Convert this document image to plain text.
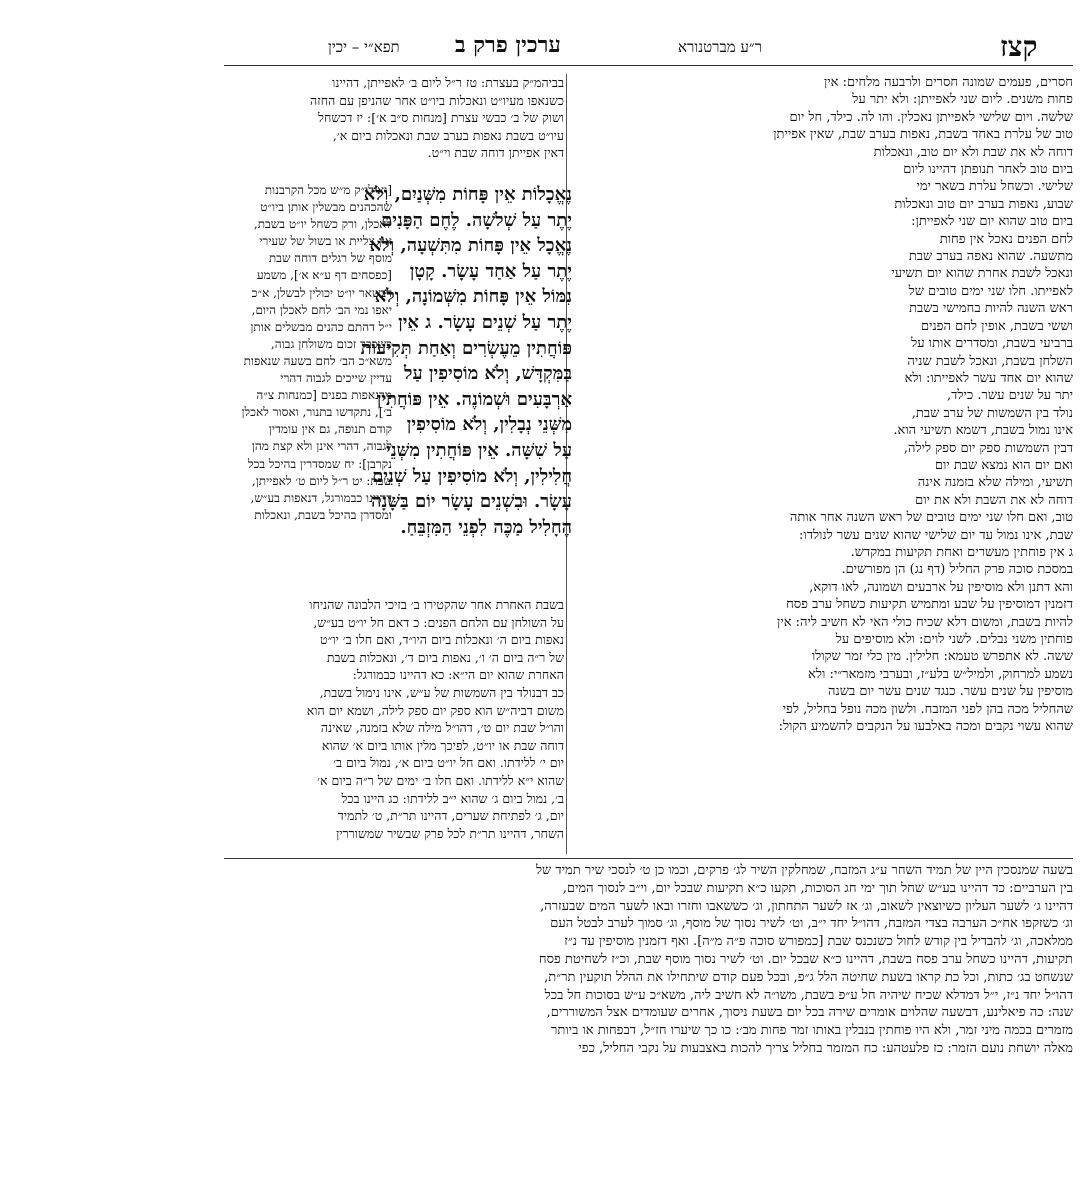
קצז
ר״ע מברטנורא
ערכין פרק ב
תפא״י – יכין
חסרים, פעמים שמונה חסרים ולרבעה מלחים: אין
פחות משנים. ליום שני לאפייתן: ולא יתר על
שלשה. ויום שלישי לאפייתן נאכלין. והו לה. כילד, חל יום
טוב של עלרת באחד בשבת, נאפות בערב שבת, שאין אפייתן
דוחה לא את שבת ולא יום טוב, ונאכלות
ביום טוב לאחר תנופתן דהיינו ליום
שלישי. וכשחל עלרת בשאר ימי
שבוע, נאפות בערב יום טוב ונאכלות
ביום טוב שהוא יום שני לאפייתן:
לחם הפנים נאכל אין פחות
מתשעה. שהוא נאפה בערב שבת
ונאכל לשבת אחרת שהוא יום תשיעי
לאפייתו. חלו שני ימים טובים של
ראש השנה להיות בחמישי בשבת
וששי בשבת, אופין לחם הפנים
ברביעי בשבת, ומסדרים אותו על
השלחן בשבת, ונאכל לשבת שניה
שהוא יום אחד עשר לאפייתו: ולא
יתר על שנים עשר. כילד,
נולד בין השמשות של ערב שבת,
אינו נמול בשבת, דשמא תשיעי הוא.
דבין השמשות ספק יום ספק לילה,
ואם יום הוא נמצא שבת יום
תשיעי, ומילה שלא בזמנה אינה
דוחה לא את השבת ולא את יום
טוב, ואם חלו שני ימים טובים של ראש השנה אחר אותה
שבת, אינו נמול עד יום שלישי שהוא שנים עשר לנולדו:
ג אין פוחתין מעשרים ואחת תקיעות במקדש.
במסכת סוכה פרק החליל (דף נג) הן מפורשים.
והא דתנן ולא מוסיפין על ארבעים ושמונה, לאו דוקא,
דזמנין דמוסיפין על שבע ומתמיש תקיעות כשחל ערב פסח
להיות בשבת, ומשום דלא שכיח כולי האי לא חשיב ליה: אין
פוחתין משני נבלים. לשני לוים: ולא מוסיפים על
ששה. לא אתפרש טעמא: חלילין. מין כלי זמר שקולו
נשמע למרחוק, ולמיל״ש בלע״ז, ובערבי מזמאר״י: ולא
מוסיפין על שנים עשר. כנגד שנים עשר יום בשנה
שהחליל מכה בהן לפני המזבח. ולשון מכה נופל בחליל, לפי
שהוא עשוי נקבים ומכה באלבעו על הנקבים להשמיע הקול:
בביהמ״ק בעצרת: טז ר״ל ליום ב׳ לאפייתן, דהיינו
כשנאפו מעיו״ט ונאכלות ביו״ט אחר שהניפן עם החזה
ושוק של ב׳ כבשי עצרת [מנחות ס״ב א׳]: יז דכשחל
עיו״ט בשבת נאפות בערב שבת ונאכלות ביום א׳,
דאין אפייתן דוחה שבת וי״ט.
נֶאֱכָלוֹת אֵין פָּחוֹת מִשְּׁנַיִם, וְלֹא
יֶתֶר עַל שְׁלשָׁה. לֶחֶם הַפָּנִים
נֶאֱכָל אֵין פָּחוֹת מִתִּשְׁעָה, וְלֹא
יֶתֶר עַל אַחַד עָשָׂר. קָטָן
נִמּוֹל אֵין פָּחוֹת מִשְּׁמוֹנָה, וְלֹא
יֶתֶר עַל שְׁנֵים עָשָׂר. ג אֵין
פּוֹחֲתִין מֵעֶשְׂרִים וְאַחַת תְּקִיעוֹת
בַּמִּקְדָּשׁ, וְלֹא מוֹסִיפִין עַל
אַרְבָּעִים וּשְׁמוֹנֶה. אֵין פּוֹחֲתִין
מִשְּׁנֵי נְבָלִין, וְלֹא מוֹסִיפִין
עַל שִׁשָּׁה. אֵין פּוֹחֲתִין מִשְּׁנֵי
חֲלִילִין, וְלֹא מוֹסִיפִין עַל שְׁנֵים
עָשָׂר. וּבִשְׁנֵים עָשָׂר יוֹם בַּשָּׁנָה
הֶחָלִיל מַכֶּה לִפְנֵי הַמִּזְבֵּחַ.
[ואילו״ק מ״ש מכל הקרבנות
שהכהנים מבשלין אותן ביו״ט
לאכלן, ורק כשחל יו״ט בשבת,
אין צליית או בשול של שעירי
מוסף של רגלים דוחה שבת
[כפסחים דף ע״א א׳], משמע
דבשאר יו״ט יכולין לבשלן, א״כ
יאפו נמי הב׳ לחם לאכלן היום,
י״ל דהתם כהנים מבשלים אותן
כשכבר זכום משולחן גבוה,
משא״כ הב׳ לחם בשעה שנאפות
עדיין שייכים לגבוה דהרי
מרנאפות בפנים [כמנחות צ״ה
ב׳], נתקדשו בתנור, ואסור לאכלן
קודם תנופה, גם אין עומדין
לגבוה, דהרי אינן ולא קצת מהן
נקרבן]: יח שמסדרין בהיכל בכל
שבת: יט ר״ל ליום ט׳ לאפייתן,
דהיינו כבמורגל, דנאפות בע״ש,
ומסדרן בהיכל בשבת, ונאכלות
בשבת האחרת אחר שהקטירו ב׳ בזיכי הלבונה שהניחו
על השולחן עם הלחם הפנים: כ דאם חל יו״ט בע״ש,
נאפות ביום ה׳ ונאכלות ביום היו״ד, ואם חלו ב׳ יו״ט
של ר״ה ביום ה׳ ו׳, נאפות ביום ד׳, ונאכלות בשבת
האחרת שהוא יום הי״א: כא דהיינו כבמורגל:
כב דבנולד בין השמשות של ע״ש, אינו נימול בשבת,
משום דביה״ש הוא ספק יום ספק לילה, ושמא יום הוא
והו״ל שבת יום ט׳, דהו״ל מילה שלא בזמנה, שאינה
דוחה שבת או יו״ט, לפיכך מלין אותו ביום א׳ שהוא
יום י׳ ללידתו. ואם חל יו״ט ביום א׳, נמול ביום ב׳
שהוא י״א ללידתו. ואם חלו ב׳ ימים של ר״ה ביום א׳
ב׳, נמול ביום ג׳ שהוא י״ב ללידתו: כג היינו בכל
יום, ג׳ לפתיחת שערים, דהיינו תר״ת, ט׳ לתמיד
השחר, דהיינו תר״ת לכל פרק שבשיר שמשוררין
בשעה שמנסכין היין של תמיד השחר ע״ג המזבח, שמחלקין השיר לג׳ פרקים, וכמו כן ט׳ לנסכי שיר תמיד של
בין הערביים: כד דהיינו בע״ש שחל תוך ימי חג הסוכות, תקעו כ״א תקיעות שבכל יום, וי״ב לנסוך המים,
דהיינו ג׳ לשער העליון כשיוצאין לשאוב, וג׳ אז לשער התחתון, וג׳ כששאבו וחזרו ובאו לשער המים שבעזרה,
וג׳ כשזקפו אח״כ הערבה בצדי המזבח, דהו״ל יחד י״ב, וט׳ לשיר נסוך של מוסף, וג׳ סמוך לערב לבטל העם
ממלאכה, וג׳ להבדיל בין קודש לחול כשנכנס שבת [כמפורש סוכה פ״ה מ״ה]. ואף דזמנין מוסיפין עד נ״ז
תקיעות, דהיינו כשחל ערב פסח בשבת, דהיינו כ״א שבכל יום. וט׳ לשיר נסוך מוסף שבת, וכ״ז לשחיטת פסח
שנשחט בג׳ כתות, וכל כת קראו בשעת שחיטה הלל ג״פ, ובכל פעם קודם שיתחילו את ההלל תוקעין תר״ת,
דהו״ל יחד נ״ז, י״ל דמדלא שכיח שיהיה חל ע״פ בשבת, משו״ה לא חשיב ליה, משא״כ ע״ש בסוכות חל בכל
שנה: כה פיאלינע, דבשעה שהלוים אומרים שירה בכל יום בשעת ניסוך, אחרים שעומדים אצל המשוררים,
מזמרים בכמה מיני זמר, ולא היו פוחתין בנבלין באותו זמר פחות מב׳: כו כך שיערו חז״ל, דבפחות או ביותר
מאלה יושחת נועם הזמר: כז פלעטהע: כח המזמר בחליל צריך להכות באצבעות על נקבי החליל, כפי
